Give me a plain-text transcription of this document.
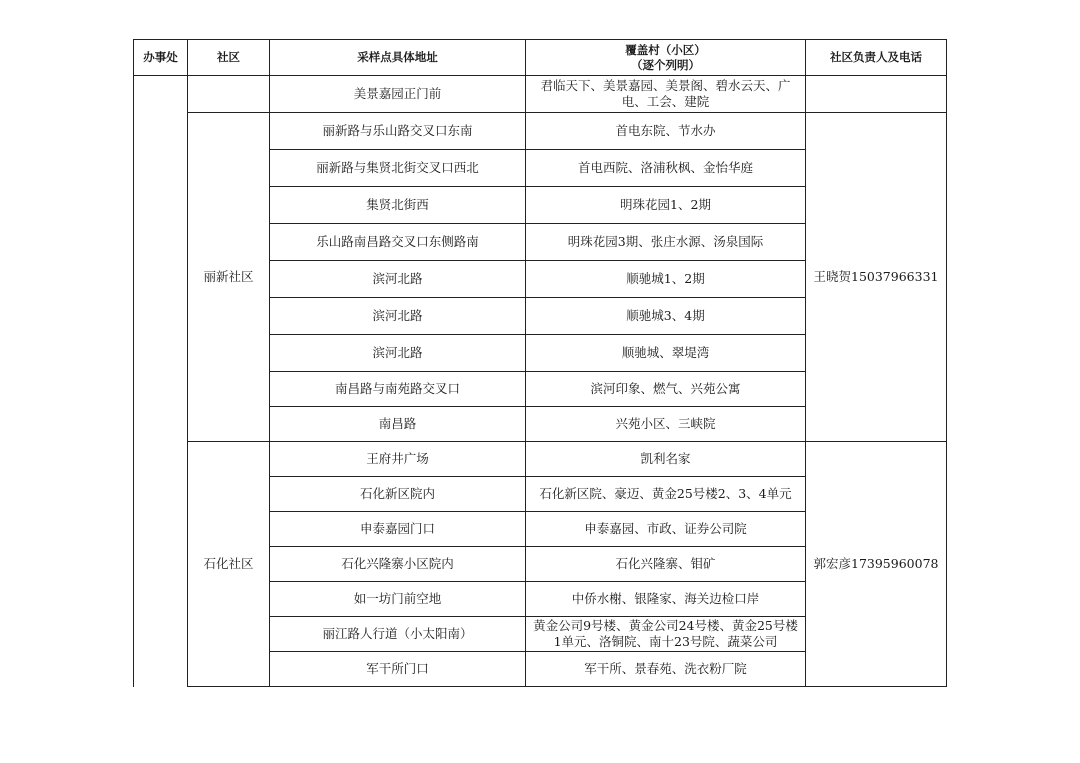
办事处	社区	采样点具体地址	覆盖村（小区）
（逐个列明）	社区负责人及电话
		美景嘉园正门前	君临天下、美景嘉园、美景阁、碧水云天、广电、工会、建院	
	丽新社区	丽新路与乐山路交叉口东南	首电东院、节水办	王晓贺15037966331
		丽新路与集贤北街交叉口西北	首电西院、洛浦秋枫、金怡华庭	
		集贤北街西	明珠花园1、2期	
		乐山路南昌路交叉口东侧路南	明珠花园3期、张庄水源、汤泉国际	
		滨河北路	顺驰城1、2期	
		滨河北路	顺驰城3、4期	
		滨河北路	顺驰城、翠堤湾	
		南昌路与南苑路交叉口	滨河印象、燃气、兴苑公寓	
		南昌路	兴苑小区、三峡院	
	石化社区	王府井广场	凯利名家	郭宏彦17395960078
		石化新区院内	石化新区院、豪迈、黄金25号楼2、3、4单元	
		申泰嘉园门口	申泰嘉园、市政、证券公司院	
		石化兴隆寨小区院内	石化兴隆寨、钼矿	
		如一坊门前空地	中侨水榭、银隆家、海关边检口岸	
		丽江路人行道（小太阳南）	黄金公司9号楼、黄金公司24号楼、黄金25号楼1单元、洛铜院、南十23号院、蔬菜公司	
		军干所门口	军干所、景春苑、洗衣粉厂院	
